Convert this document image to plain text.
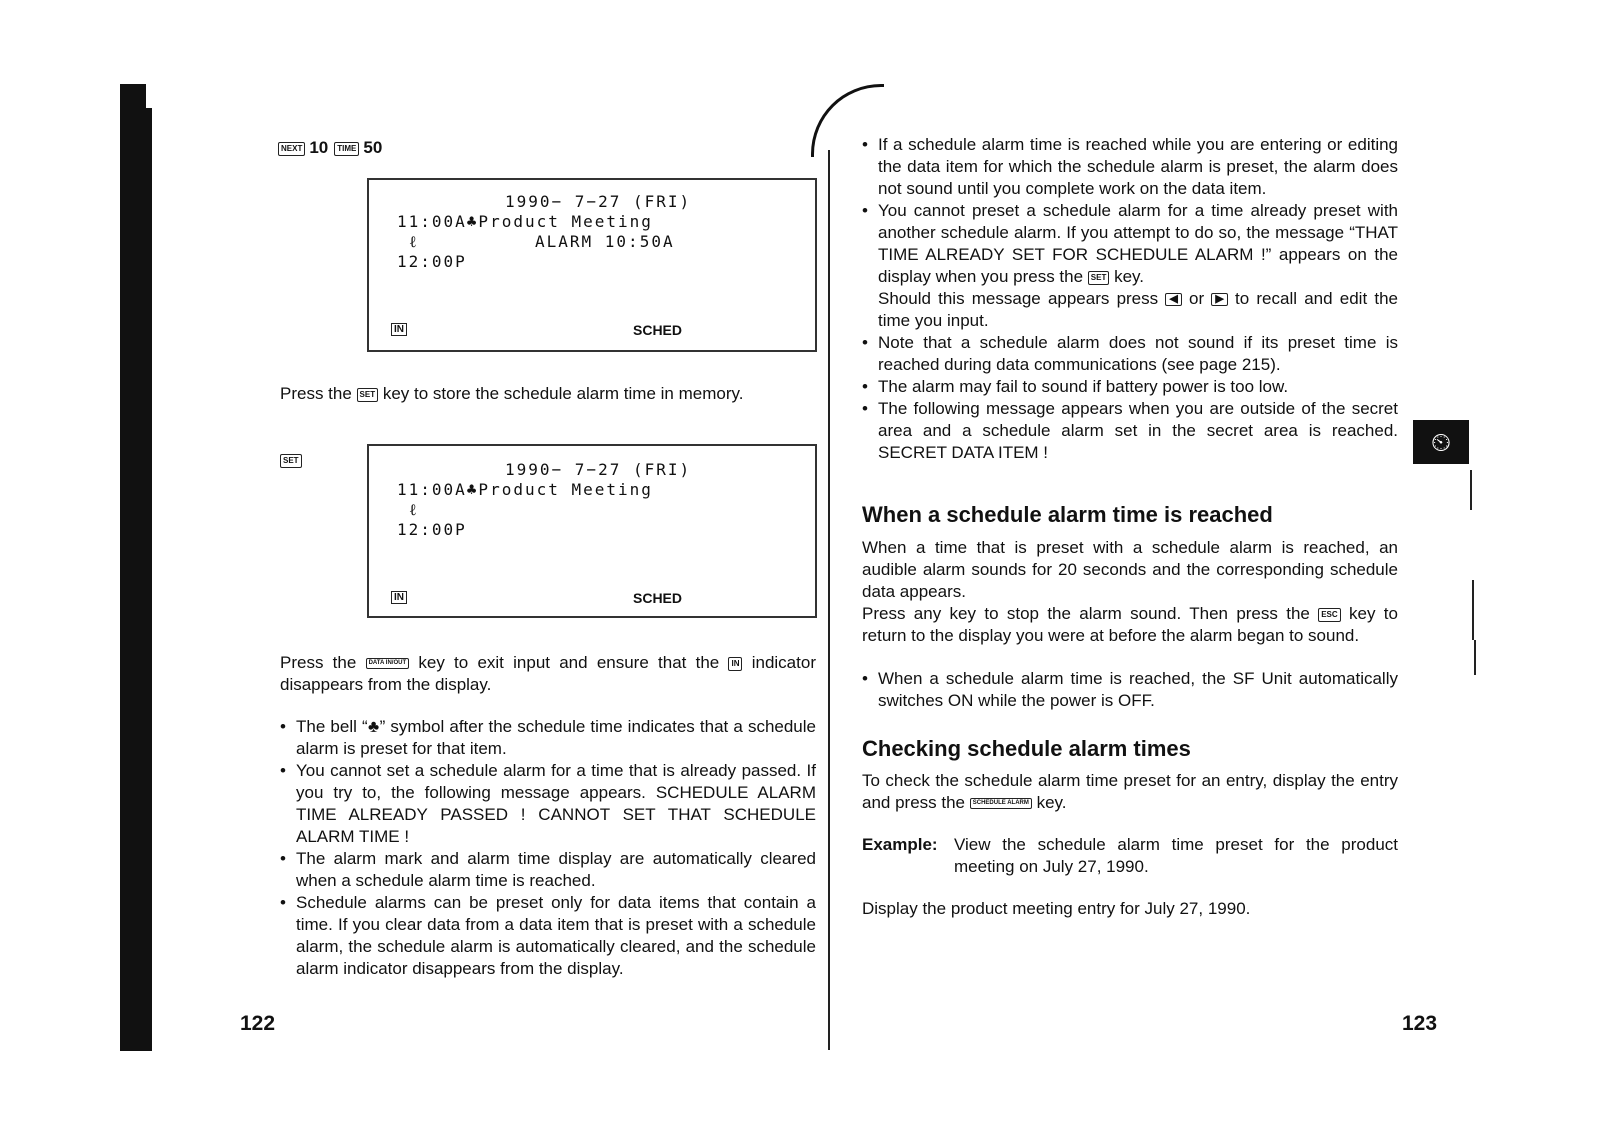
⏲
NEXT 10 TIME 50
1990− 7−27 (FRI)
11:00A♣Product Meeting
ℓ          ALARM 10:50A
12:00P
IN	SCHED
Press the SET key to store the schedule alarm time in memory.
SET	1990− 7−27 (FRI)
11:00A♣Product Meeting
ℓ
12:00P
IN	SCHED
Press the DATA IN/OUT key to exit input and ensure that the IN indicator disappears from the display.
• The bell “♣” symbol after the schedule time indicates that a schedule alarm is preset for that item.
• You cannot set a schedule alarm for a time that is already passed. If you try to, the following message appears. SCHEDULE ALARM TIME ALREADY PASSED ! CANNOT SET THAT SCHEDULE ALARM TIME !
• The alarm mark and alarm time display are automatically cleared when a schedule alarm time is reached.
• Schedule alarms can be preset only for data items that contain a time. If you clear data from a data item that is preset with a schedule alarm, the schedule alarm is automatically cleared, and the schedule alarm indicator disappears from the display.
122
• If a schedule alarm time is reached while you are entering or editing the data item for which the schedule alarm is preset, the alarm does not sound until you complete work on the data item.
• You cannot preset a schedule alarm for a time already preset with another schedule alarm. If you attempt to do so, the message “THAT TIME ALREADY SET FOR SCHEDULE ALARM !” appears on the display when you press the SET key.
Should this message appears press ◀ or ▶ to recall and edit the time you input.
• Note that a schedule alarm does not sound if its preset time is reached during data communications (see page 215).
• The alarm may fail to sound if battery power is too low.
• The following message appears when you are outside of the secret area and a schedule alarm set in the secret area is reached. SECRET DATA ITEM !
When a schedule alarm time is reached
When a time that is preset with a schedule alarm is reached, an audible alarm sounds for 20 seconds and the corresponding schedule data appears.
Press any key to stop the alarm sound. Then press the ESC key to return to the display you were at before the alarm began to sound.
• When a schedule alarm time is reached, the SF Unit automatically switches ON while the power is OFF.
Checking schedule alarm times
To check the schedule alarm time preset for an entry, display the entry and press the SCHEDULE ALARM key.
Example: View the schedule alarm time preset for the product meeting on July 27, 1990.
Display the product meeting entry for July 27, 1990.
123
